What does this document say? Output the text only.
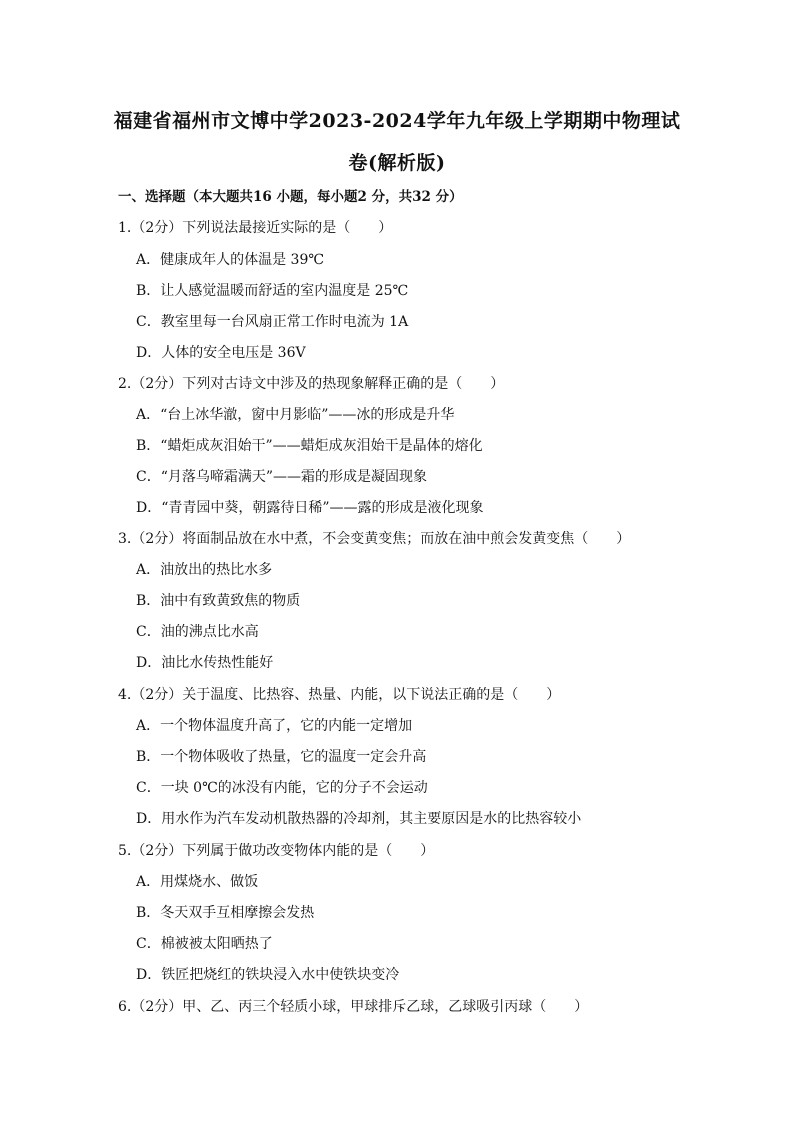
福建省福州市文博中学2023-2024学年九年级上学期期中物理试
卷(解析版)
一、选择题（本大题共16 小题，每小题2 分，共32 分）
1.（2分）下列说法最接近实际的是（　　）
A．健康成年人的体温是 39℃
B．让人感觉温暖而舒适的室内温度是 25℃
C．教室里每一台风扇正常工作时电流为 1A
D．人体的安全电压是 36V
2.（2分）下列对古诗文中涉及的热现象解释正确的是（　　）
A．“台上冰华澈，窗中月影临”——冰的形成是升华
B．“蜡炬成灰泪始干”——蜡炬成灰泪始干是晶体的熔化
C．“月落乌啼霜满天”——霜的形成是凝固现象
D．“青青园中葵，朝露待日稀”——露的形成是液化现象
3.（2分）将面制品放在水中煮，不会变黄变焦；而放在油中煎会发黄变焦（　　）
A．油放出的热比水多
B．油中有致黄致焦的物质
C．油的沸点比水高
D．油比水传热性能好
4.（2分）关于温度、比热容、热量、内能，以下说法正确的是（　　）
A．一个物体温度升高了，它的内能一定增加
B．一个物体吸收了热量，它的温度一定会升高
C．一块 0℃的冰没有内能，它的分子不会运动
D．用水作为汽车发动机散热器的冷却剂，其主要原因是水的比热容较小
5.（2分）下列属于做功改变物体内能的是（　　）
A．用煤烧水、做饭
B．冬天双手互相摩擦会发热
C．棉被被太阳晒热了
D．铁匠把烧红的铁块浸入水中使铁块变冷
6.（2分）甲、乙、丙三个轻质小球，甲球排斥乙球，乙球吸引丙球（　　）
